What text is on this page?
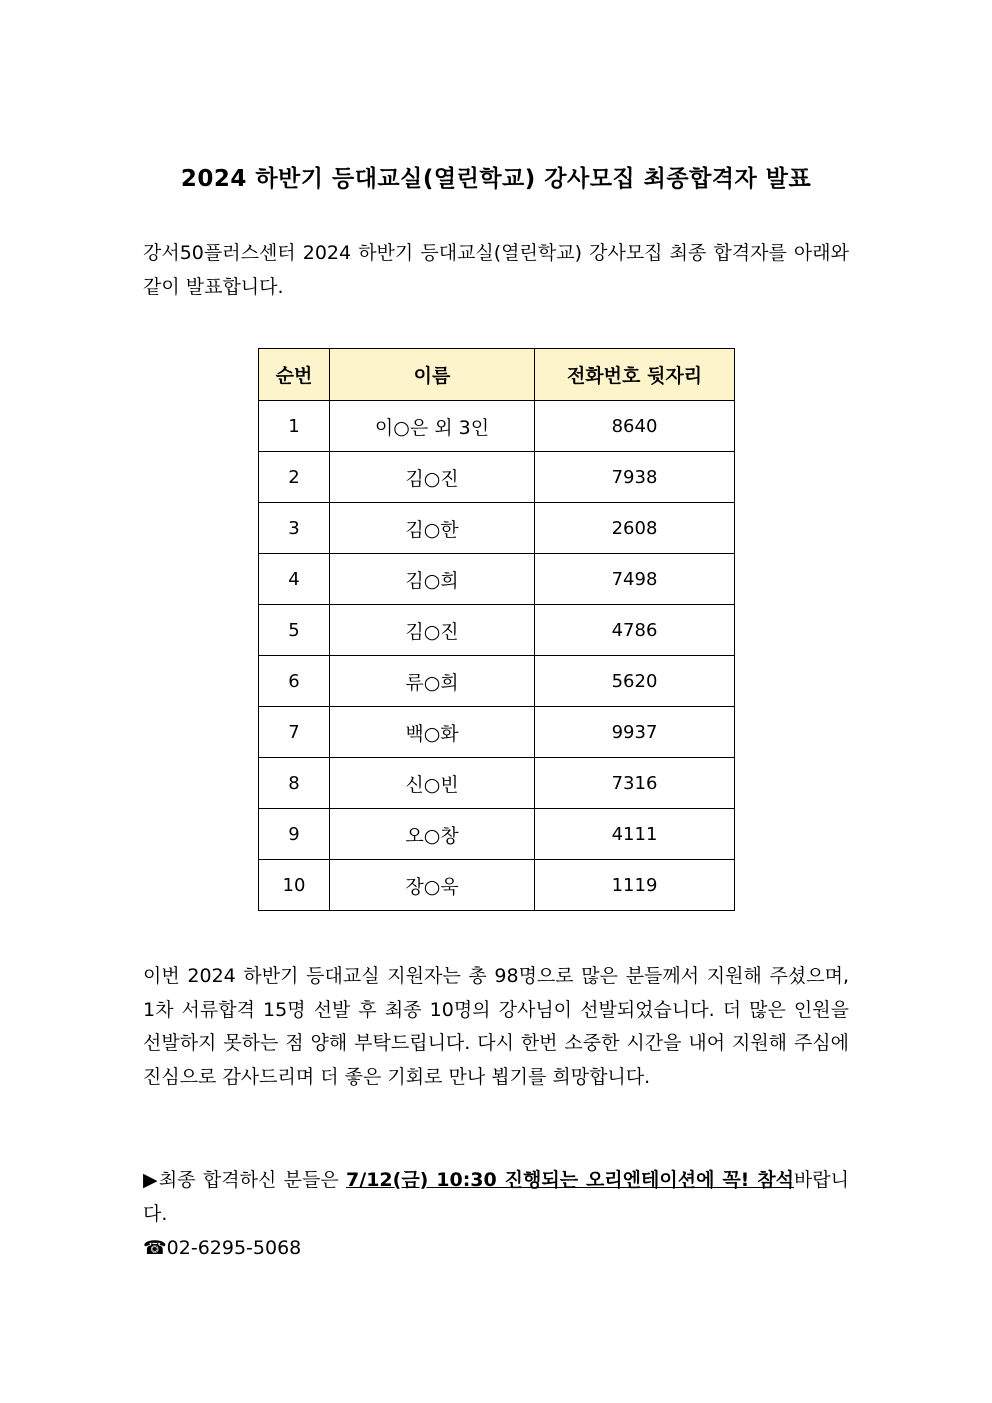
2024 하반기 등대교실(열린학교) 강사모집 최종합격자 발표
강서50플러스센터 2024 하반기 등대교실(열린학교) 강사모집 최종 합격자를 아래와 같이 발표합니다.
순번	이름	전화번호 뒷자리
1	이○은 외 3인	8640
2	김○진	7938
3	김○한	2608
4	김○희	7498
5	김○진	4786
6	류○희	5620
7	백○화	9937
8	신○빈	7316
9	오○창	4111
10	장○욱	1119
이번 2024 하반기 등대교실 지원자는 총 98명으로 많은 분들께서 지원해 주셨으며, 1차 서류합격 15명 선발 후 최종 10명의 강사님이 선발되었습니다. 더 많은 인원을 선발하지 못하는 점 양해 부탁드립니다. 다시 한번 소중한 시간을 내어 지원해 주심에 진심으로 감사드리며 더 좋은 기회로 만나 뵙기를 희망합니다.
▶최종 합격하신 분들은 7/12(금) 10:30 진행되는 오리엔테이션에 꼭! 참석바랍니다.
☎02-6295-5068
